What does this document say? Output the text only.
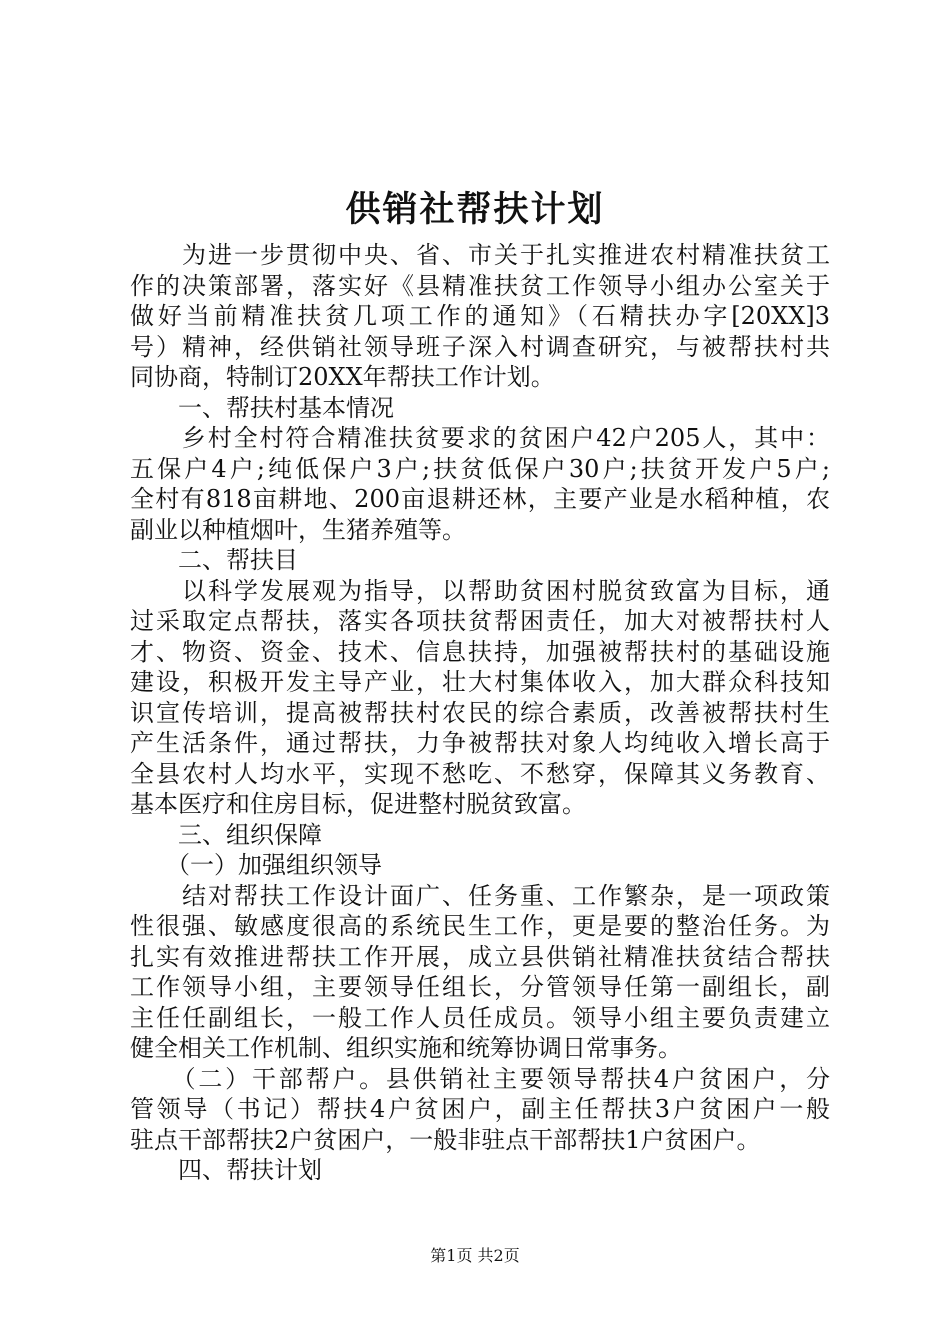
供销社帮扶计划
　　为进一步贯彻中央、省、市关于扎实推进农村精准扶贫工
作的决策部署，落实好《县精准扶贫工作领导小组办公室关于
做好当前精准扶贫几项工作的通知》（石精扶办字[20XX]3
号）精神，经供销社领导班子深入村调查研究，与被帮扶村共
同协商，特制订20XX年帮扶工作计划。
　　一、帮扶村基本情况
　　乡村全村符合精准扶贫要求的贫困户42户205人，其中：
五保户4户;纯低保户3户;扶贫低保户30户;扶贫开发户5户;
全村有818亩耕地、200亩退耕还林，主要产业是水稻种植，农
副业以种植烟叶，生猪养殖等。
　　二、帮扶目
　　以科学发展观为指导，以帮助贫困村脱贫致富为目标，通
过采取定点帮扶，落实各项扶贫帮困责任，加大对被帮扶村人
才、物资、资金、技术、信息扶持，加强被帮扶村的基础设施
建设，积极开发主导产业，壮大村集体收入，加大群众科技知
识宣传培训，提高被帮扶村农民的综合素质，改善被帮扶村生
产生活条件，通过帮扶，力争被帮扶对象人均纯收入增长高于
全县农村人均水平，实现不愁吃、不愁穿，保障其义务教育、
基本医疗和住房目标，促进整村脱贫致富。
　　三、组织保障
　　（一）加强组织领导
　　结对帮扶工作设计面广、任务重、工作繁杂，是一项政策
性很强、敏感度很高的系统民生工作，更是要的整治任务。为
扎实有效推进帮扶工作开展，成立县供销社精准扶贫结合帮扶
工作领导小组，主要领导任组长，分管领导任第一副组长，副
主任任副组长，一般工作人员任成员。领导小组主要负责建立
健全相关工作机制、组织实施和统筹协调日常事务。
　　（二）干部帮户。县供销社主要领导帮扶4户贫困户，分
管领导（书记）帮扶4户贫困户，副主任帮扶3户贫困户一般
驻点干部帮扶2户贫困户，一般非驻点干部帮扶1户贫困户。
　　四、帮扶计划
第1页 共2页
